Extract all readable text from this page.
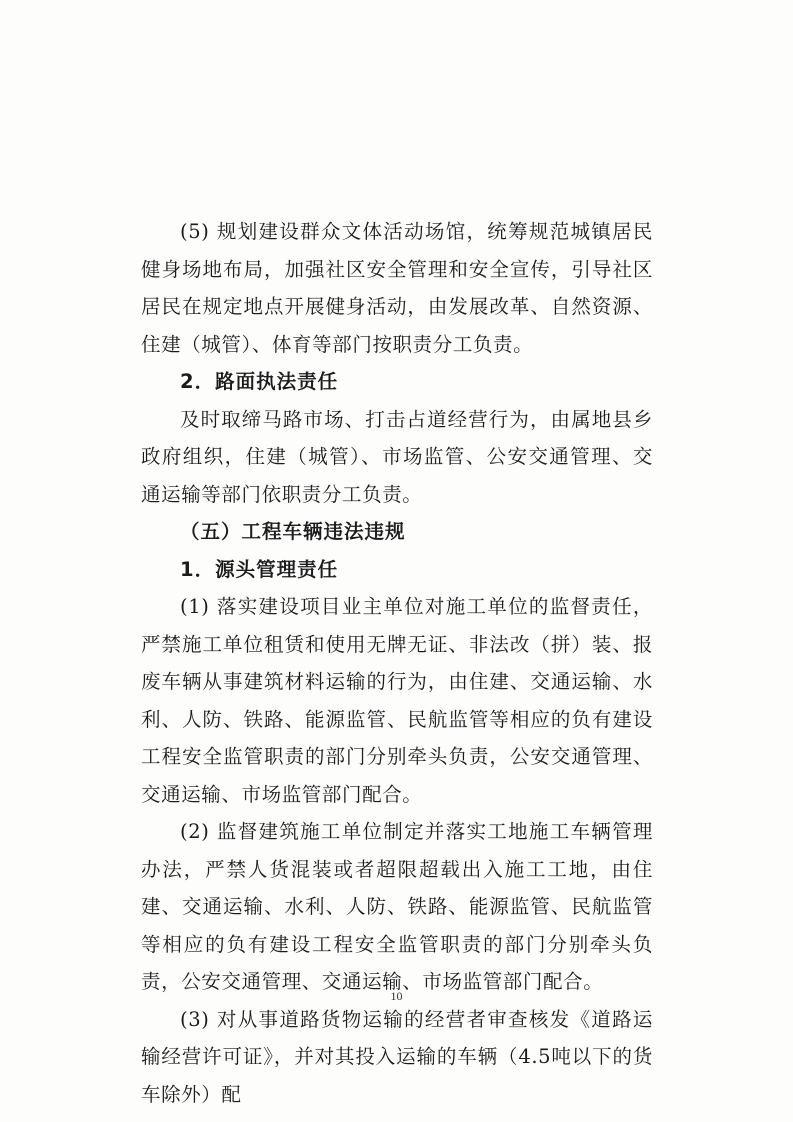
(5) 规划建设群众文体活动场馆，统筹规范城镇居民健身场地布局，加强社区安全管理和安全宣传，引导社区居民在规定地点开展健身活动，由发展改革、自然资源、住建（城管）、体育等部门按职责分工负责。

2．路面执法责任

及时取缔马路市场、打击占道经营行为，由属地县乡政府组织，住建（城管）、市场监管、公安交通管理、交通运输等部门依职责分工负责。

（五）工程车辆违法违规

1．源头管理责任

(1) 落实建设项目业主单位对施工单位的监督责任，严禁施工单位租赁和使用无牌无证、非法改（拼）装、报废车辆从事建筑材料运输的行为，由住建、交通运输、水利、人防、铁路、能源监管、民航监管等相应的负有建设工程安全监管职责的部门分别牵头负责，公安交通管理、交通运输、市场监管部门配合。

(2) 监督建筑施工单位制定并落实工地施工车辆管理办法，严禁人货混装或者超限超载出入施工工地，由住建、交通运输、水利、人防、铁路、能源监管、民航监管等相应的负有建设工程安全监管职责的部门分别牵头负责，公安交通管理、交通运输、市场监管部门配合。

(3) 对从事道路货物运输的经营者审查核发《道路运输经营许可证》，并对其投入运输的车辆（4.5吨以下的货车除外）配

10
